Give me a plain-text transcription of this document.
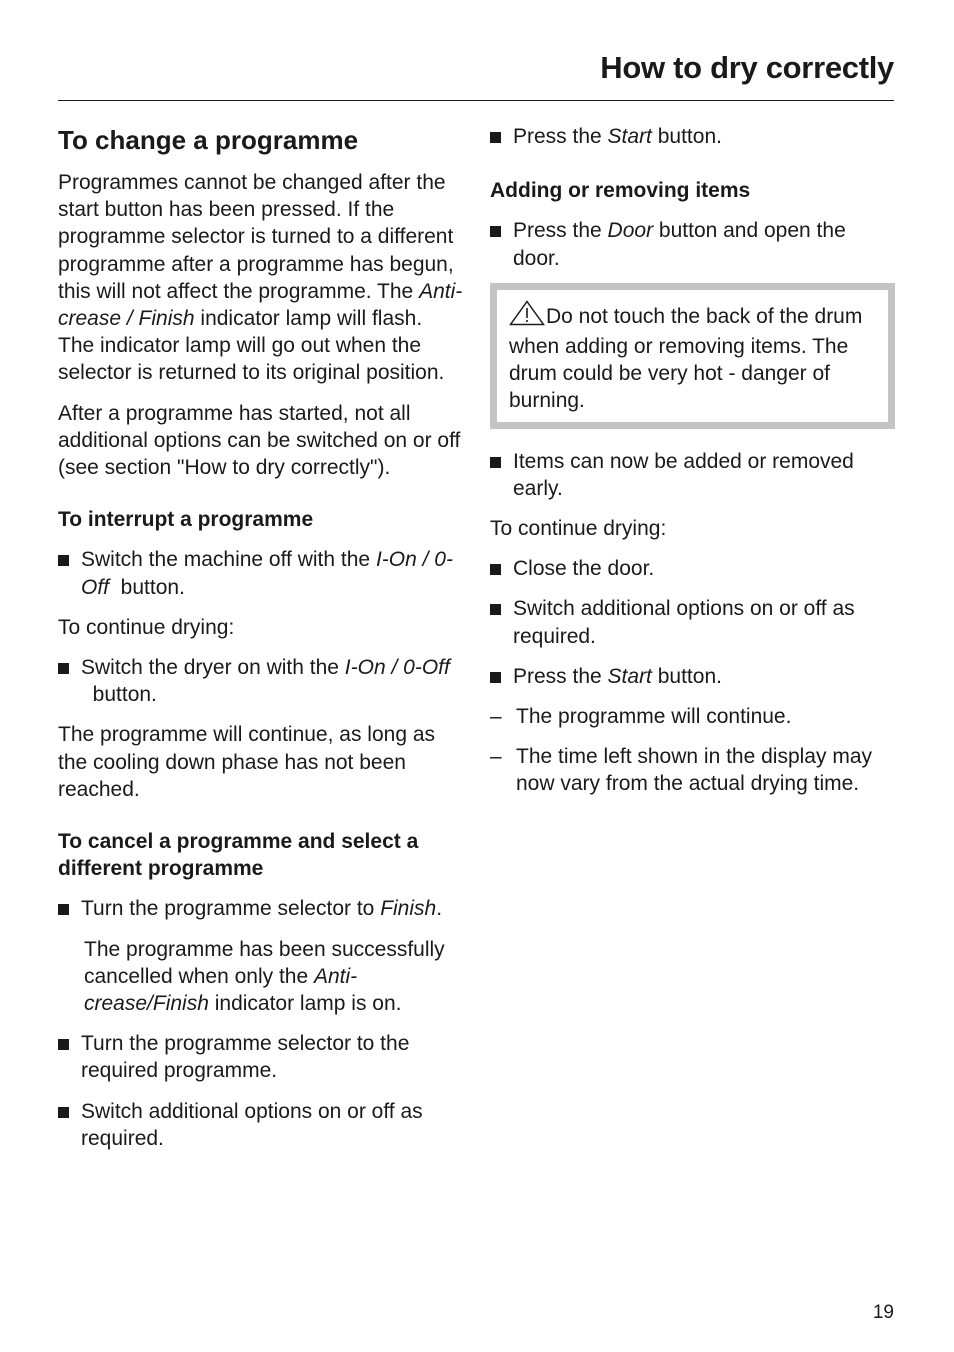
How to dry correctly
To change a programme

Programmes cannot be changed after the start button has been pressed. If the programme selector is turned to a different programme after a programme has begun, this will not affect the programme. The Anti-crease / Finish indicator lamp will flash. The indicator lamp will go out when the selector is returned to its original position.

After a programme has started, not all additional options can be switched on or off (see section "How to dry correctly").

To interrupt a programme
Switch the machine off with the I-On / 0-Off  button.

To continue drying:

Switch the dryer on with the I-On / 0-Off  button.

The programme will continue, as long as the cooling down phase has not been reached.

To cancel a programme and select a different programme
Turn the programme selector to Finish.

The programme has been successfully cancelled when only the Anti-crease/Finish indicator lamp is on.

Turn the programme selector to the required programme.
Switch additional options on or off as required.
Press the Start button.
Adding or removing items
Press the Door button and open the door.
Do not touch the back of the drum when adding or removing items. The drum could be very hot - danger of burning.
Items can now be added or removed early.

To continue drying:

Close the door.
Switch additional options on or off as required.
Press the Start button.
– The programme will continue.
– The time left shown in the display may now vary from the actual drying time.
19
